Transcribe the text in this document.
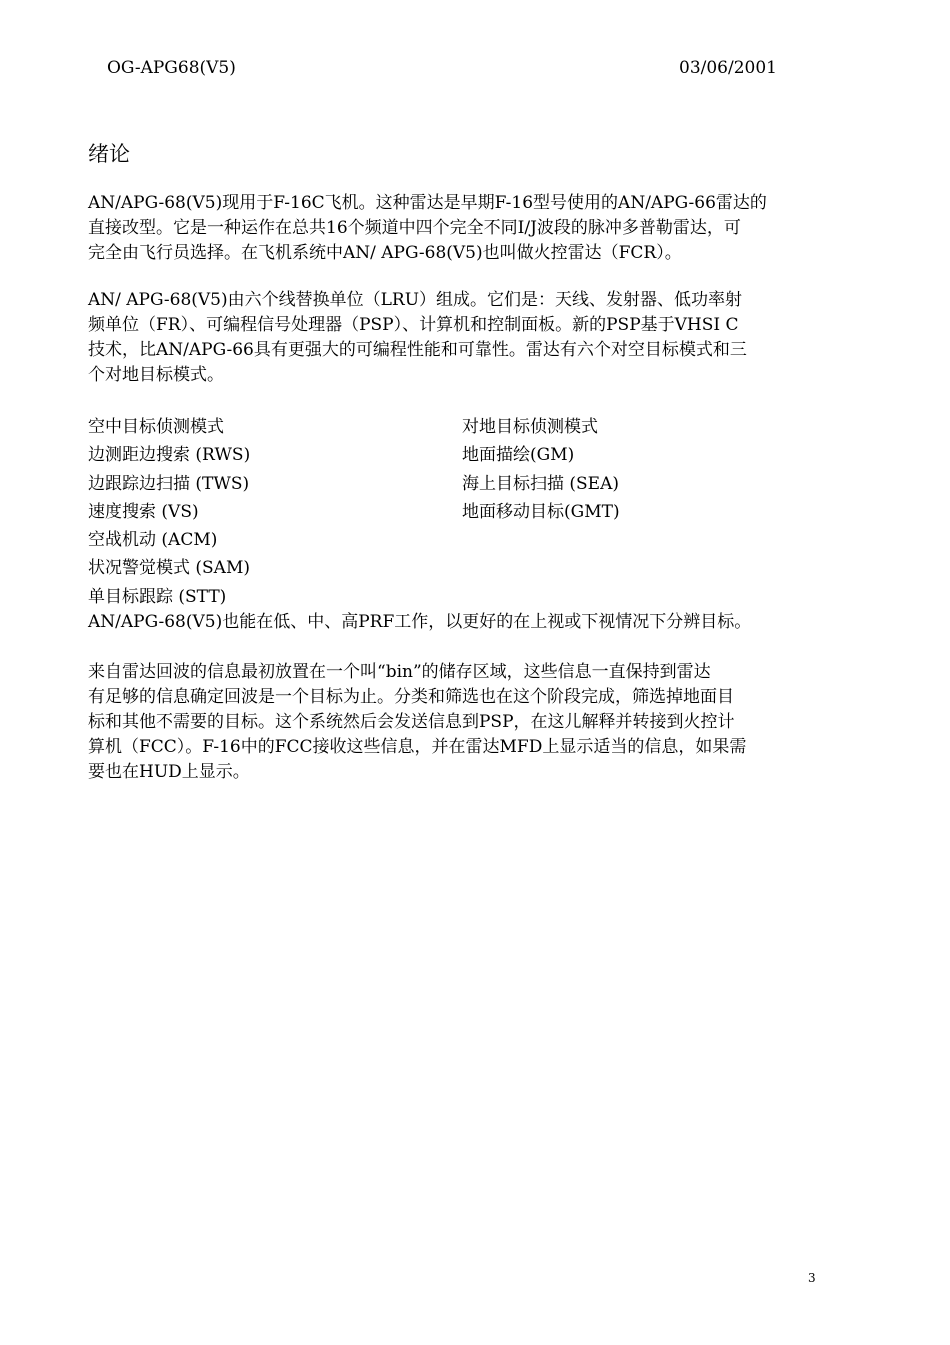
OG-APG68(V5)	03/06/2001
绪论
AN/APG-68(V5)现用于F-16C飞机。这种雷达是早期F-16型号使用的AN/APG-66雷达的
直接改型。它是一种运作在总共16个频道中四个完全不同I/J波段的脉冲多普勒雷达，可
完全由飞行员选择。在飞机系统中AN/ APG-68(V5)也叫做火控雷达（FCR）。
AN/ APG-68(V5)由六个线替换单位（LRU）组成。它们是：天线、发射器、低功率射
频单位（FR）、可编程信号处理器（PSP）、计算机和控制面板。新的PSP基于VHSI C
技术，比AN/APG-66具有更强大的可编程性能和可靠性。雷达有六个对空目标模式和三
个对地目标模式。
空中目标侦测模式
边测距边搜索 (RWS)
边跟踪边扫描 (TWS)
速度搜索 (VS)
空战机动 (ACM)
状况警觉模式 (SAM)
单目标跟踪 (STT)
对地目标侦测模式
地面描绘(GM)
海上目标扫描 (SEA)
地面移动目标(GMT)
AN/APG-68(V5)也能在低、中、高PRF工作，以更好的在上视或下视情况下分辨目标。
来自雷达回波的信息最初放置在一个叫“bin”的储存区域，这些信息一直保持到雷达
有足够的信息确定回波是一个目标为止。分类和筛选也在这个阶段完成，筛选掉地面目
标和其他不需要的目标。这个系统然后会发送信息到PSP，在这儿解释并转接到火控计
算机（FCC）。F-16中的FCC接收这些信息，并在雷达MFD上显示适当的信息，如果需
要也在HUD上显示。
3
